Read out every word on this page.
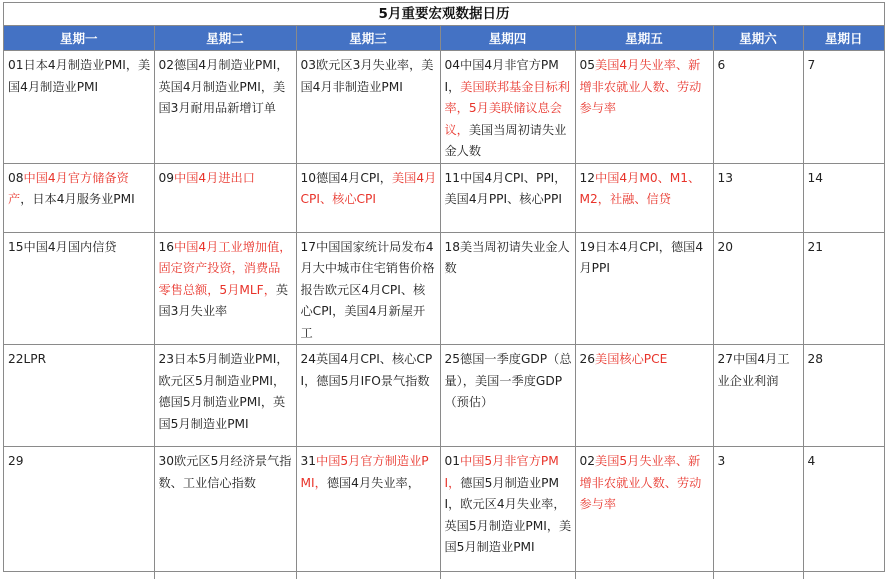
5月重要宏观数据日历
星期一	星期二	星期三	星期四	星期五	星期六	星期日
01日本4月制造业PMI，美国4月制造业PMI	02德国4月制造业PMI，英国4月制造业PMI，美国3月耐用品新增订单	03欧元区3月失业率，美国4月非制造业PMI	04中国4月非官方PMI，美国联邦基金目标利率，5月美联储议息会议，美国当周初请失业金人数	05美国4月失业率、新增非农就业人数、劳动参与率	6	7
08中国4月官方储备资产，日本4月服务业PMI	09中国4月进出口	10德国4月CPI，美国4月CPI、核心CPI	11中国4月CPI、PPI，美国4月PPI、核心PPI	12中国4月M0、M1、M2，社融、信贷	13	14
15中国4月国内信贷	16中国4月工业增加值，固定资产投资，消费品零售总额，5月MLF，英国3月失业率	17中国国家统计局发布4月大中城市住宅销售价格报告欧元区4月CPI、核心CPI，美国4月新屋开工	18美当周初请失业金人数	19日本4月CPI，德国4月PPI	20	21
22LPR	23日本5月制造业PMI，欧元区5月制造业PMI，德国5月制造业PMI，英国5月制造业PMI	24英国4月CPI、核心CPI，德国5月IFO景气指数	25德国一季度GDP（总量），美国一季度GDP（预估）	26美国核心PCE	27中国4月工业企业利润	28
29	30欧元区5月经济景气指数、工业信心指数	31中国5月官方制造业PMI，德国4月失业率，	01中国5月非官方PMI，德国5月制造业PMI，欧元区4月失业率，英国5月制造业PMI，美国5月制造业PMI	02美国5月失业率、新增非农就业人数、劳动参与率	3	4
